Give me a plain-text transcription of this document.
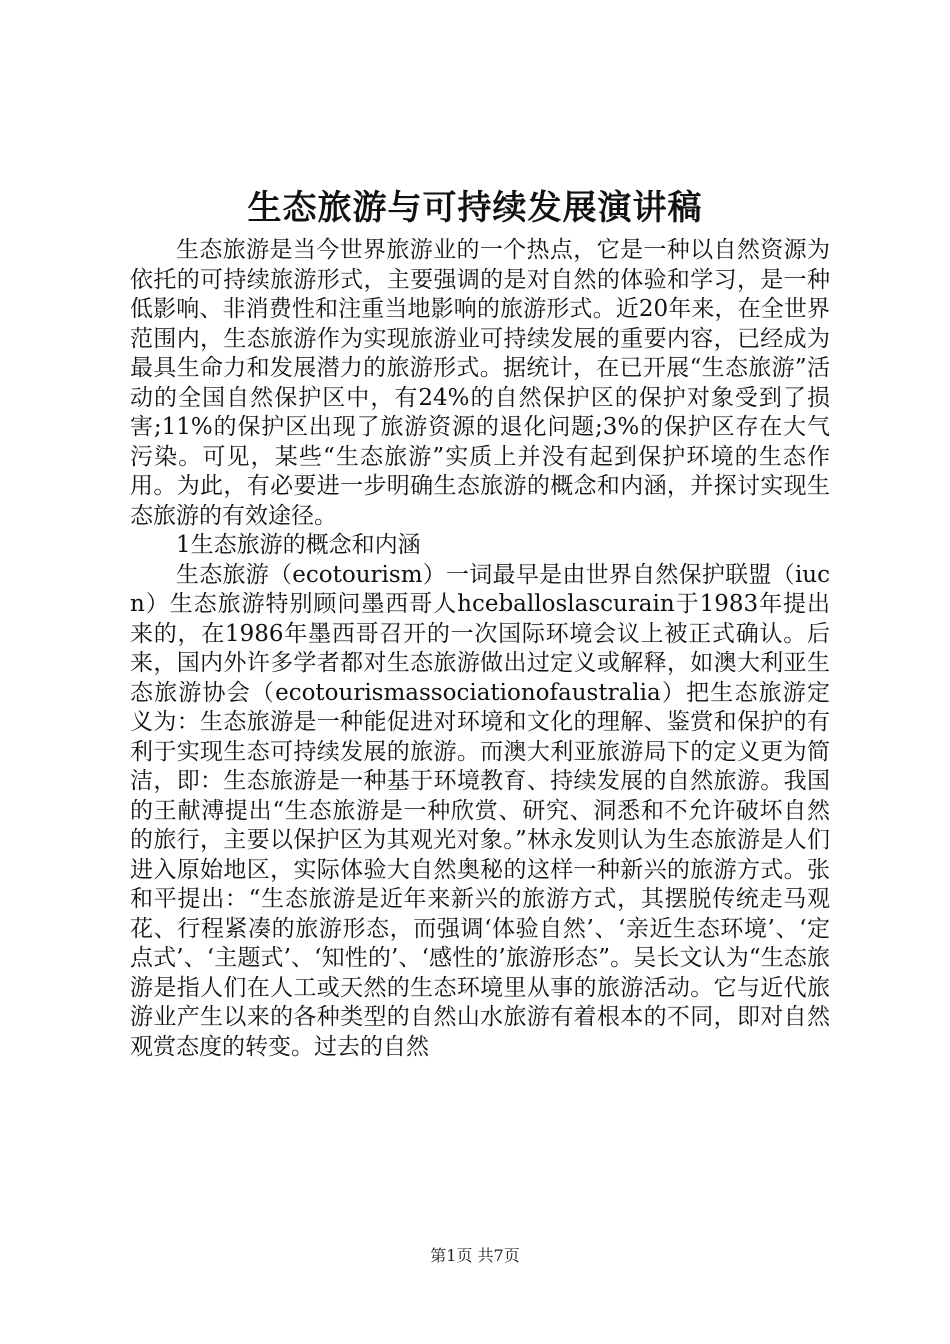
生态旅游与可持续发展演讲稿

生态旅游是当今世界旅游业的一个热点，它是一种以自然资源为依托的可持续旅游形式，主要强调的是对自然的体验和学习，是一种低影响、非消费性和注重当地影响的旅游形式。近20年来，在全世界范围内，生态旅游作为实现旅游业可持续发展的重要内容，已经成为最具生命力和发展潜力的旅游形式。据统计，在已开展“生态旅游”活动的全国自然保护区中，有24%的自然保护区的保护对象受到了损害;11%的保护区出现了旅游资源的退化问题;3%的保护区存在大气污染。可见，某些“生态旅游”实质上并没有起到保护环境的生态作用。为此，有必要进一步明确生态旅游的概念和内涵，并探讨实现生态旅游的有效途径。

1生态旅游的概念和内涵

生态旅游（ecotourism）一词最早是由世界自然保护联盟（iucn）生态旅游特别顾问墨西哥人hceballoslascurain于1983年提出来的，在1986年墨西哥召开的一次国际环境会议上被正式确认。后来，国内外许多学者都对生态旅游做出过定义或解释，如澳大利亚生态旅游协会（ecotourismassociationofaustralia）把生态旅游定义为：生态旅游是一种能促进对环境和文化的理解、鉴赏和保护的有利于实现生态可持续发展的旅游。而澳大利亚旅游局下的定义更为简洁，即：生态旅游是一种基于环境教育、持续发展的自然旅游。我国的王献溥提出“生态旅游是一种欣赏、研究、洞悉和不允许破坏自然的旅行，主要以保护区为其观光对象。”林永发则认为生态旅游是人们进入原始地区，实际体验大自然奥秘的这样一种新兴的旅游方式。张和平提出：“生态旅游是近年来新兴的旅游方式，其摆脱传统走马观花、行程紧凑的旅游形态，而强调‘体验自然’、‘亲近生态环境’、‘定点式’、‘主题式’、‘知性的’、‘感性的’旅游形态”。吴长文认为“生态旅游是指人们在人工或天然的生态环境里从事的旅游活动。它与近代旅游业产生以来的各种类型的自然山水旅游有着根本的不同，即对自然观赏态度的转变。过去的自然

第1页 共7页
